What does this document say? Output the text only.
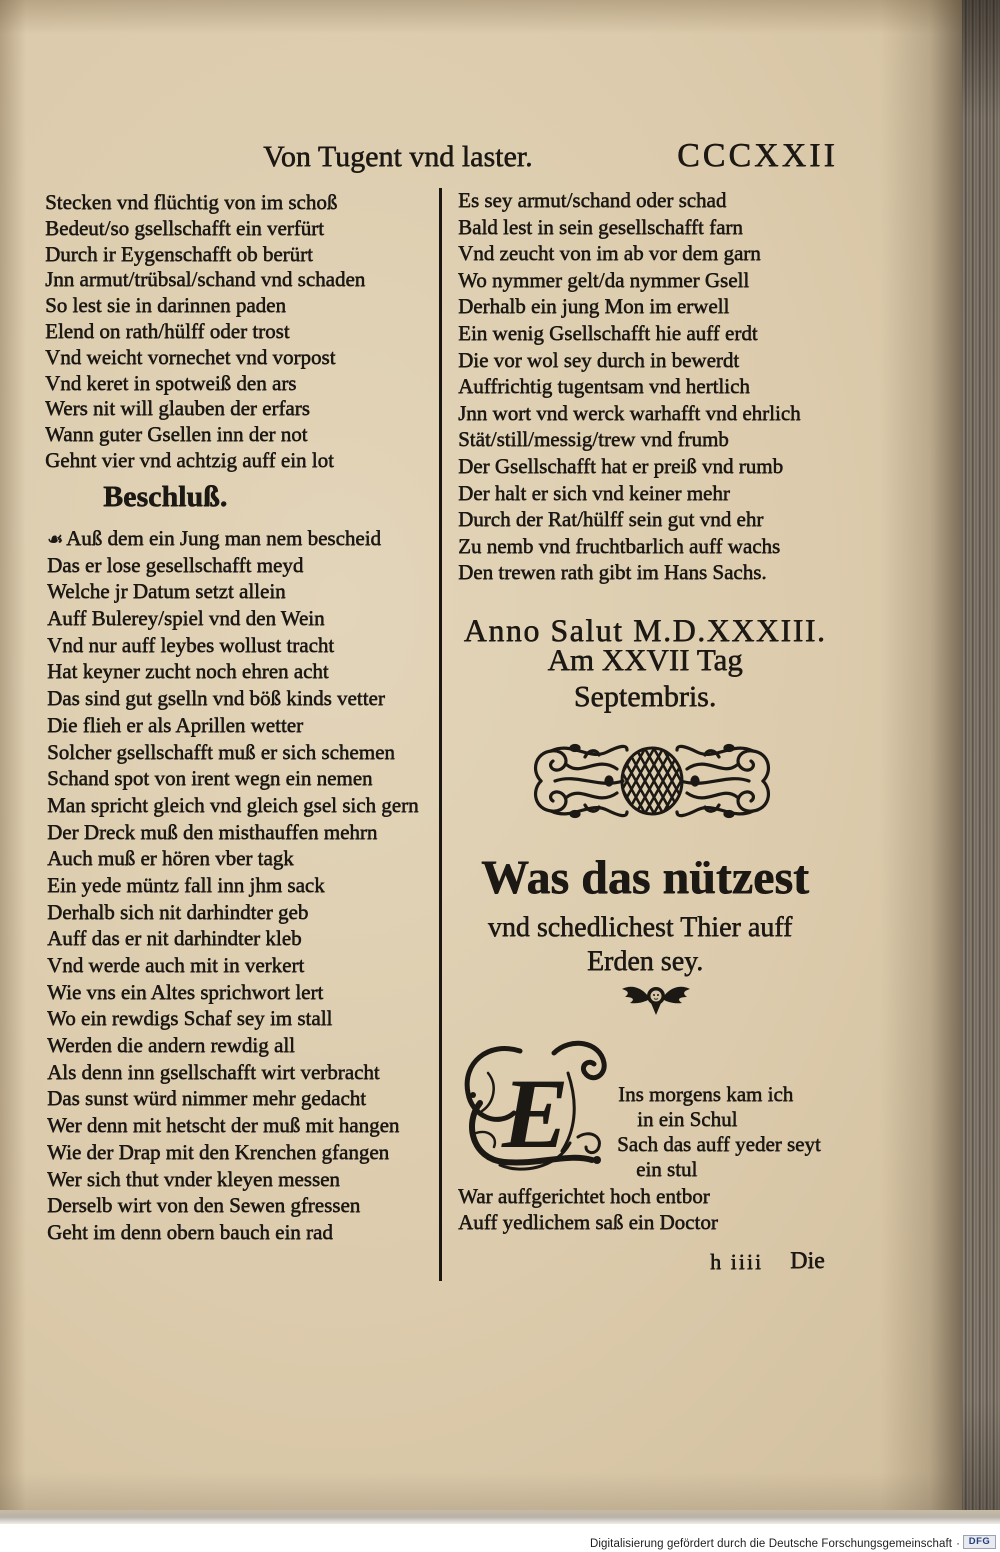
Von Tugent vnd laster.	CCCXXII
Stecken vnd flüchtig von im schoß
Bedeut/so gsellschafft ein verfürt
Durch ir Eygenschafft ob berürt
Jnn armut/trübsal/schand vnd schaden
So lest sie in darinnen paden
Elend on rath/hülff oder trost
Vnd weicht vornechet vnd vorpost
Vnd keret in spotweiß den ars
Wers nit will glauben der erfars
Wann guter Gsellen inn der not
Gehnt vier vnd achtzig auff ein lot
Beschluß.
☙Auß dem ein Jung man nem bescheid
Das er lose gesellschafft meyd
Welche jr Datum setzt allein
Auff Bulerey/spiel vnd den Wein
Vnd nur auff leybes wollust tracht
Hat keyner zucht noch ehren acht
Das sind gut gselln vnd böß kinds vetter
Die flieh er als Aprillen wetter
Solcher gsellschafft muß er sich schemen
Schand spot von irent wegn ein nemen
Man spricht gleich vnd gleich gsel sich gern
Der Dreck muß den misthauffen mehrn
Auch muß er hören vber tagk
Ein yede müntz fall inn jhm sack
Derhalb sich nit darhindter geb
Auff das er nit darhindter kleb
Vnd werde auch mit in verkert
Wie vns ein Altes sprichwort lert
Wo ein rewdigs Schaf sey im stall
Werden die andern rewdig all
Als denn inn gsellschafft wirt verbracht
Das sunst würd nimmer mehr gedacht
Wer denn mit hetscht der muß mit hangen
Wie der Drap mit den Krenchen gfangen
Wer sich thut vnder kleyen messen
Derselb wirt von den Sewen gfressen
Geht im denn obern bauch ein rad
Es sey armut/schand oder schad
Bald lest in sein gesellschafft farn
Vnd zeucht von im ab vor dem garn
Wo nymmer gelt/da nymmer Gsell
Derhalb ein jung Mon im erwell
Ein wenig Gsellschafft hie auff erdt
Die vor wol sey durch in bewerdt
Auffrichtig tugentsam vnd hertlich
Jnn wort vnd werck warhafft vnd ehrlich
Stät/still/messig/trew vnd frumb
Der Gsellschafft hat er preiß vnd rumb
Der halt er sich vnd keiner mehr
Durch der Rat/hülff sein gut vnd ehr
Zu nemb vnd fruchtbarlich auff wachs
Den trewen rath gibt im Hans Sachs.
Anno Salut M.D.XXXIII.
Am XXVII Tag
Septembris.
Was das nützest
vnd schedlichest Thier auff
Erden sey.
E Ins morgens kam ich
in ein Schul
Sach das auff yeder seyt
ein stul
War auffgerichtet hoch entbor
Auff yedlichem saß ein Doctor
h iiii Die
Digitalisierung gefördert durch die Deutsche Forschungsgemeinschaft · DFG
